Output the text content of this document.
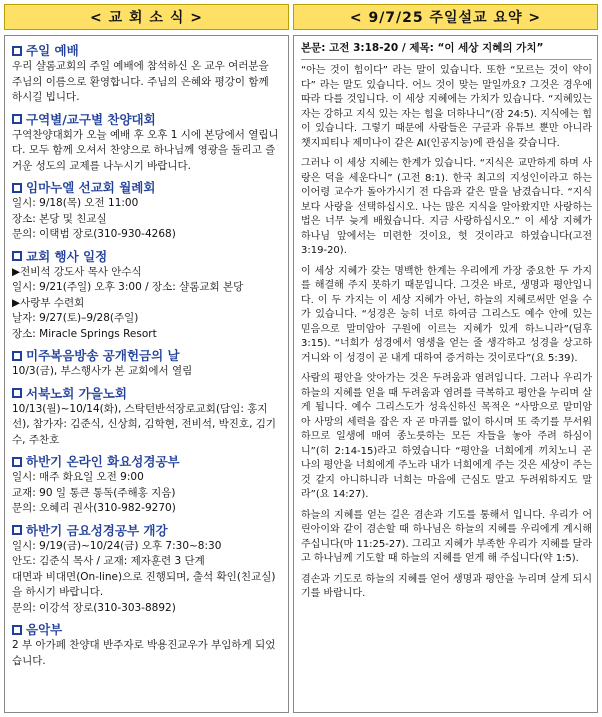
< 교 회 소 식 >	< 9/7/25 주일설교 요약 >
주일 예배
우리 샬롬교회의 주일 예배에 참석하신 온 교우 여러분을 주님의 이름으로 환영합니다. 주님의 은혜와 평강이 함께 하시길 빕니다.
구역별/교구별 찬양대회
구역찬양대회가 오늘 예배 후 오후 1 시에 본당에서 열립니다. 모두 함께 오셔서 찬양으로 하나님께 영광을 돌리고 즐거운 성도의 교제를 나누시기 바랍니다.
임마누엘 선교회 월례회
일시: 9/18(목) 오전 11:00
장소: 본당 및 친교실
문의: 이택범 장로(310-930-4268)
교회 행사 일정
▶전비석 강도사 목사 안수식
일시: 9/21(주일) 오후 3:00 / 장소: 샬롬교회 본당
▶사랑부 수련회
날자: 9/27(토)–9/28(주일)
장소: Miracle Springs Resort
미주복음방송 공개헌금의 날
10/3(금), 부스행사가 본 교회에서 열림
서북노회 가을노회
10/13(월)~10/14(화), 스탁턴반석장로교회(담임: 홍지선), 참가자: 김준식, 신상희, 김학현, 전비석, 박진호, 김기수, 주찬호
하반기 온라인 화요성경공부
일시: 매주 화요일 오전 9:00
교재: 90 일 통큰 통독(주해홍 지음)
문의: 오혜리 권사(310-982-9270)
하반기 금요성경공부 개강
일시: 9/19(금)~10/24(금) 오후 7:30~8:30
안도: 김준식 목사 / 교재: 제자훈련 3 단계
대면과 비대면(On-line)으로 진행되며, 출석 확인(친교실)을 하시기 바랍니다.
문의: 이강석 장로(310-303-8892)
음악부
2 부 아가페 찬양대 반주자로 박용진교우가 부임하게 되었습니다.
본문: 고전 3:18-20 / 제목: “이 세상 지혜의 가치”

“아는 것이 힘이다” 라는 말이 있습니다. 또한 “모르는 것이 약이다” 라는 말도 있습니다. 어느 것이 맞는 말일까요? 그것은 경우에 따라 다를 것입니다. 이 세상 지혜에는 가치가 있습니다. “지혜있는 자는 강하고 지식 있는 자는 힘을 더하나니”(잠 24:5). 지식에는 힘이 있습니다. 그렇기 때문에 사람들은 구글과 유튜브 뿐만 아니라 챗지피티나 제미나이 같은 AI(인공지능)에 관심을 갖습니다.

그러나 이 세상 지혜는 한계가 있습니다. “지식은 교만하게 하며 사랑은 덕을 세운다니” (고전 8:1). 한국 최고의 지성인이라고 하는 이어령 교수가 돌아가시기 전 다음과 같은 말을 남겼습니다. “지식보다 사랑을 선택하십시오. 나는 많은 지식을 알아왔지만 사랑하는 법은 너무 늦게 배웠습니다. 지금 사랑하십시오.” 이 세상 지혜가 하나님 앞에서는 미련한 것이요, 헛 것이라고 하였습니다(고전 3:19-20).

이 세상 지혜가 갖는 명백한 한계는 우리에게 가장 중요한 두 가지를 해결해 주지 못하기 때문입니다. 그것은 바로, 생명과 평안입니다. 이 두 가지는 이 세상 지혜가 아닌, 하늘의 지혜로써만 얻을 수가 있습니다. “성경은 능히 너로 하여금 그리스도 예수 안에 있는 믿음으로 말미암아 구원에 이르는 지혜가 있게 하느니라”(딤후 3:15). “너희가 성경에서 영생을 얻는 줄 생각하고 성경을 상고하거니와 이 성경이 곧 내게 대하여 증거하는 것이로다”(요 5:39).

사람의 평안을 앗아가는 것은 두려움과 염려입니다. 그러나 우리가 하늘의 지혜를 얻을 때 두려움과 염려를 극복하고 평안을 누리며 살게 됩니다. 예수 그리스도가 성육신하신 목적은 “사망으로 말미암아 사망의 세력을 잡은 자 곧 마귀를 없이 하시며 또 죽기를 무서워하므로 일생에 매여 종노릇하는 모든 자들을 놓아 주려 하심이니”(히 2:14-15)라고 하였습니다 “평안을 너희에게 끼치노니 곧 나의 평안을 너희에게 주노라 내가 너희에게 주는 것은 세상이 주는 것 같지 아니하니라 너희는 마음에 근심도 말고 두려워하지도 말라”(요 14:27).

하늘의 지혜를 얻는 길은 겸손과 기도를 통해서 입니다. 우리가 어린아이와 같이 겸손할 때 하나님은 하늘의 지혜를 우리에게 계시해 주십니다(마 11:25-27). 그리고 지혜가 부족한 우리가 지혜를 달라고 하나님께 기도할 때 하늘의 지혜를 얻게 해 주십니다(약 1:5).

겸손과 기도로 하늘의 지혜를 얻어 생명과 평안을 누리며 살게 되시기를 바랍니다.
